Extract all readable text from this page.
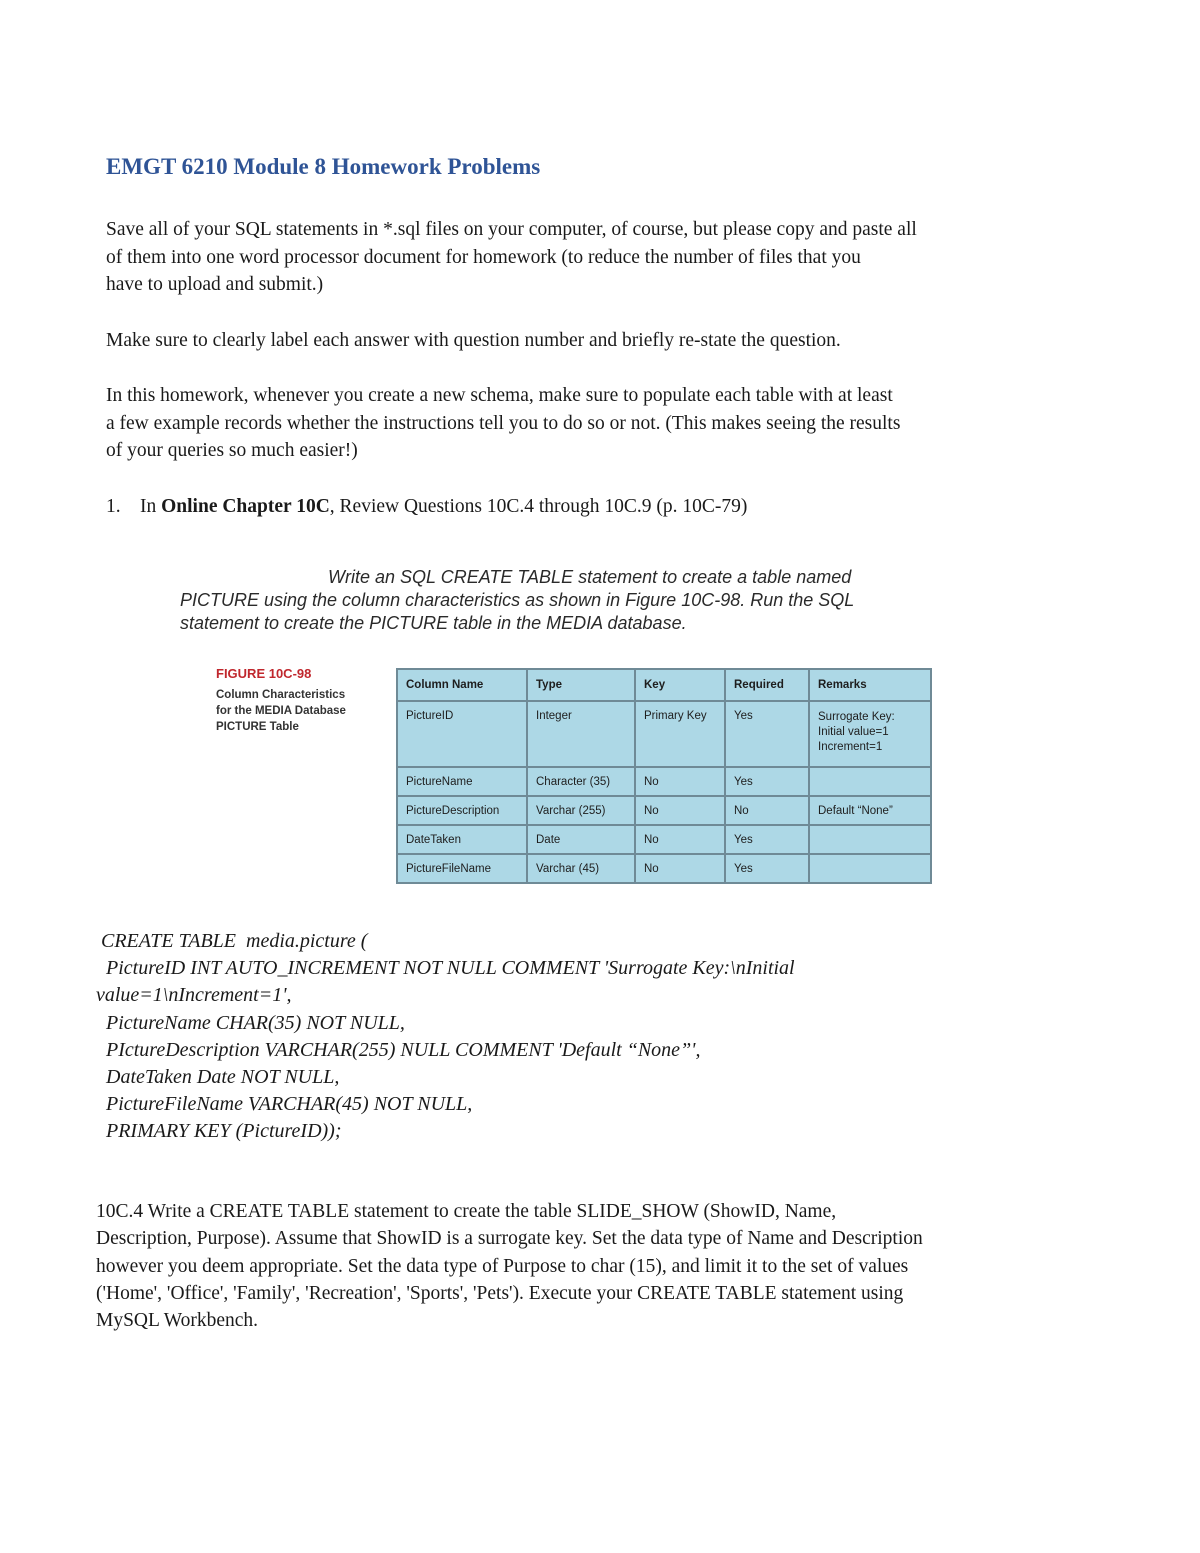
EMGT 6210 Module 8 Homework Problems

Save all of your SQL statements in *.sql files on your computer, of course, but please copy and paste all
of them into one word processor document for homework (to reduce the number of files that you
have to upload and submit.)

Make sure to clearly label each answer with question number and briefly re-state the question.

In this homework, whenever you create a new schema, make sure to populate each table with at least
a few example records whether the instructions tell you to do so or not. (This makes seeing the results
of your queries so much easier!)

1. In Online Chapter 10C, Review Questions 10C.4 through 10C.9 (p. 10C-79)
Write an SQL CREATE TABLE statement to create a table named
PICTURE using the column characteristics as shown in Figure 10C-98. Run the SQL
statement to create the PICTURE table in the MEDIA database.
FIGURE 10C-98
Column Characteristics
for the MEDIA Database
PICTURE Table
Column Name	Type	Key	Required	Remarks
PictureID	Integer	Primary Key	Yes	Surrogate Key:
Initial value=1
Increment=1

PictureName	Character (35)	No	Yes	
PictureDescription	Varchar (255)	No	No	Default “None”
DateTaken	Date	No	Yes	
PictureFileName	Varchar (45)	No	Yes	
CREATE TABLE  media.picture (
PictureID INT AUTO_INCREMENT NOT NULL COMMENT 'Surrogate Key:\nInitial
value=1\nIncrement=1',
PictureName CHAR(35) NOT NULL,
PIctureDescription VARCHAR(255) NULL COMMENT 'Default “None”',
DateTaken Date NOT NULL,
PictureFileName VARCHAR(45) NOT NULL,
PRIMARY KEY (PictureID));

10C.4 Write a CREATE TABLE statement to create the table SLIDE_SHOW (ShowID, Name,
Description, Purpose). Assume that ShowID is a surrogate key. Set the data type of Name and Description
however you deem appropriate. Set the data type of Purpose to char (15), and limit it to the set of values
('Home', 'Office', 'Family', 'Recreation', 'Sports', 'Pets'). Execute your CREATE TABLE statement using
MySQL Workbench.
